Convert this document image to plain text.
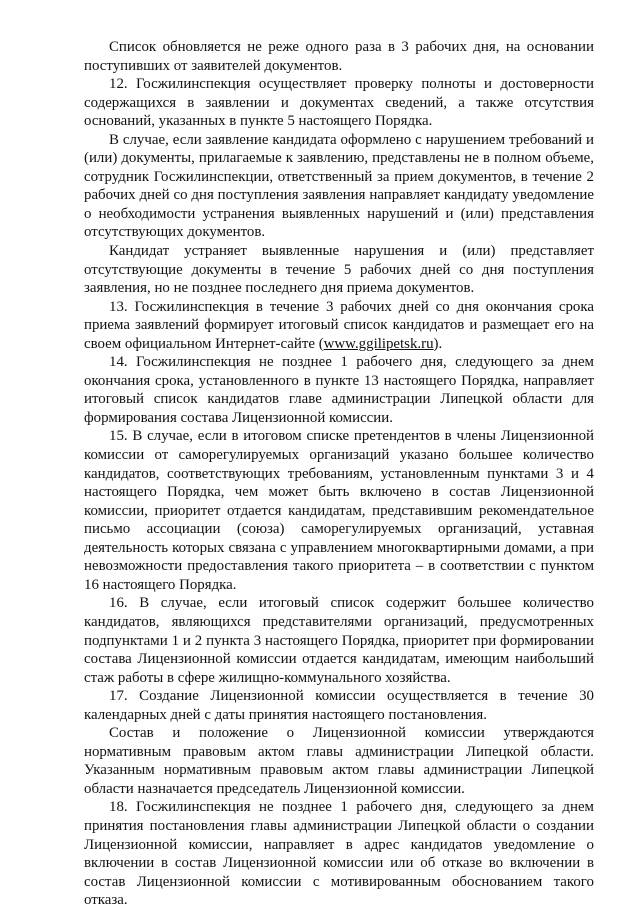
Список обновляется не реже одного раза в 3 рабочих дня, на основании поступивших от заявителей документов.

12. Госжилинспекция осуществляет проверку полноты и достоверности содержащихся в заявлении и документах сведений, а также отсутствия оснований, указанных в пункте 5 настоящего Порядка.

В случае, если заявление кандидата оформлено с нарушением требований и (или) документы, прилагаемые к заявлению, представлены не в полном объеме, сотрудник Госжилинспекции, ответственный за прием документов, в течение 2 рабочих дней со дня поступления заявления направляет кандидату уведомление о необходимости устранения выявленных нарушений и (или) представления отсутствующих документов.

Кандидат устраняет выявленные нарушения и (или) представляет отсутствующие документы в течение 5 рабочих дней со дня поступления заявления, но не позднее последнего дня приема документов.

13. Госжилинспекция в течение 3 рабочих дней со дня окончания срока приема заявлений формирует итоговый список кандидатов и размещает его на своем официальном Интернет-сайте (www.ggilipetsk.ru).

14. Госжилинспекция не позднее 1 рабочего дня, следующего за днем окончания срока, установленного в пункте 13 настоящего Порядка, направляет итоговый список кандидатов главе администрации Липецкой области для формирования состава Лицензионной комиссии.

15. В случае, если в итоговом списке претендентов в члены Лицензионной комиссии от саморегулируемых организаций указано большее количество кандидатов, соответствующих требованиям, установленным пунктами 3 и 4 настоящего Порядка, чем может быть включено в состав Лицензионной комиссии, приоритет отдается кандидатам, представившим рекомендательное письмо ассоциации (союза) саморегулируемых организаций, уставная деятельность которых связана с управлением многоквартирными домами, а при невозможности предоставления такого приоритета – в соответствии с пунктом 16 настоящего Порядка.

16. В случае, если итоговый список содержит большее количество кандидатов, являющихся представителями организаций, предусмотренных подпунктами 1 и 2 пункта 3 настоящего Порядка, приоритет при формировании состава Лицензионной комиссии отдается кандидатам, имеющим наибольший стаж работы в сфере жилищно-коммунального хозяйства.

17. Создание Лицензионной комиссии осуществляется в течение 30 календарных дней с даты принятия настоящего постановления.

Состав и положение о Лицензионной комиссии утверждаются нормативным правовым актом главы администрации Липецкой области. Указанным нормативным правовым актом главы администрации Липецкой области назначается председатель Лицензионной комиссии.

18. Госжилинспекция не позднее 1 рабочего дня, следующего за днем принятия постановления главы администрации Липецкой области о создании Лицензионной комиссии, направляет в адрес кандидатов уведомление о включении в состав Лицензионной комиссии или об отказе во включении в состав Лицензионной комиссии с мотивированным обоснованием такого отказа.
